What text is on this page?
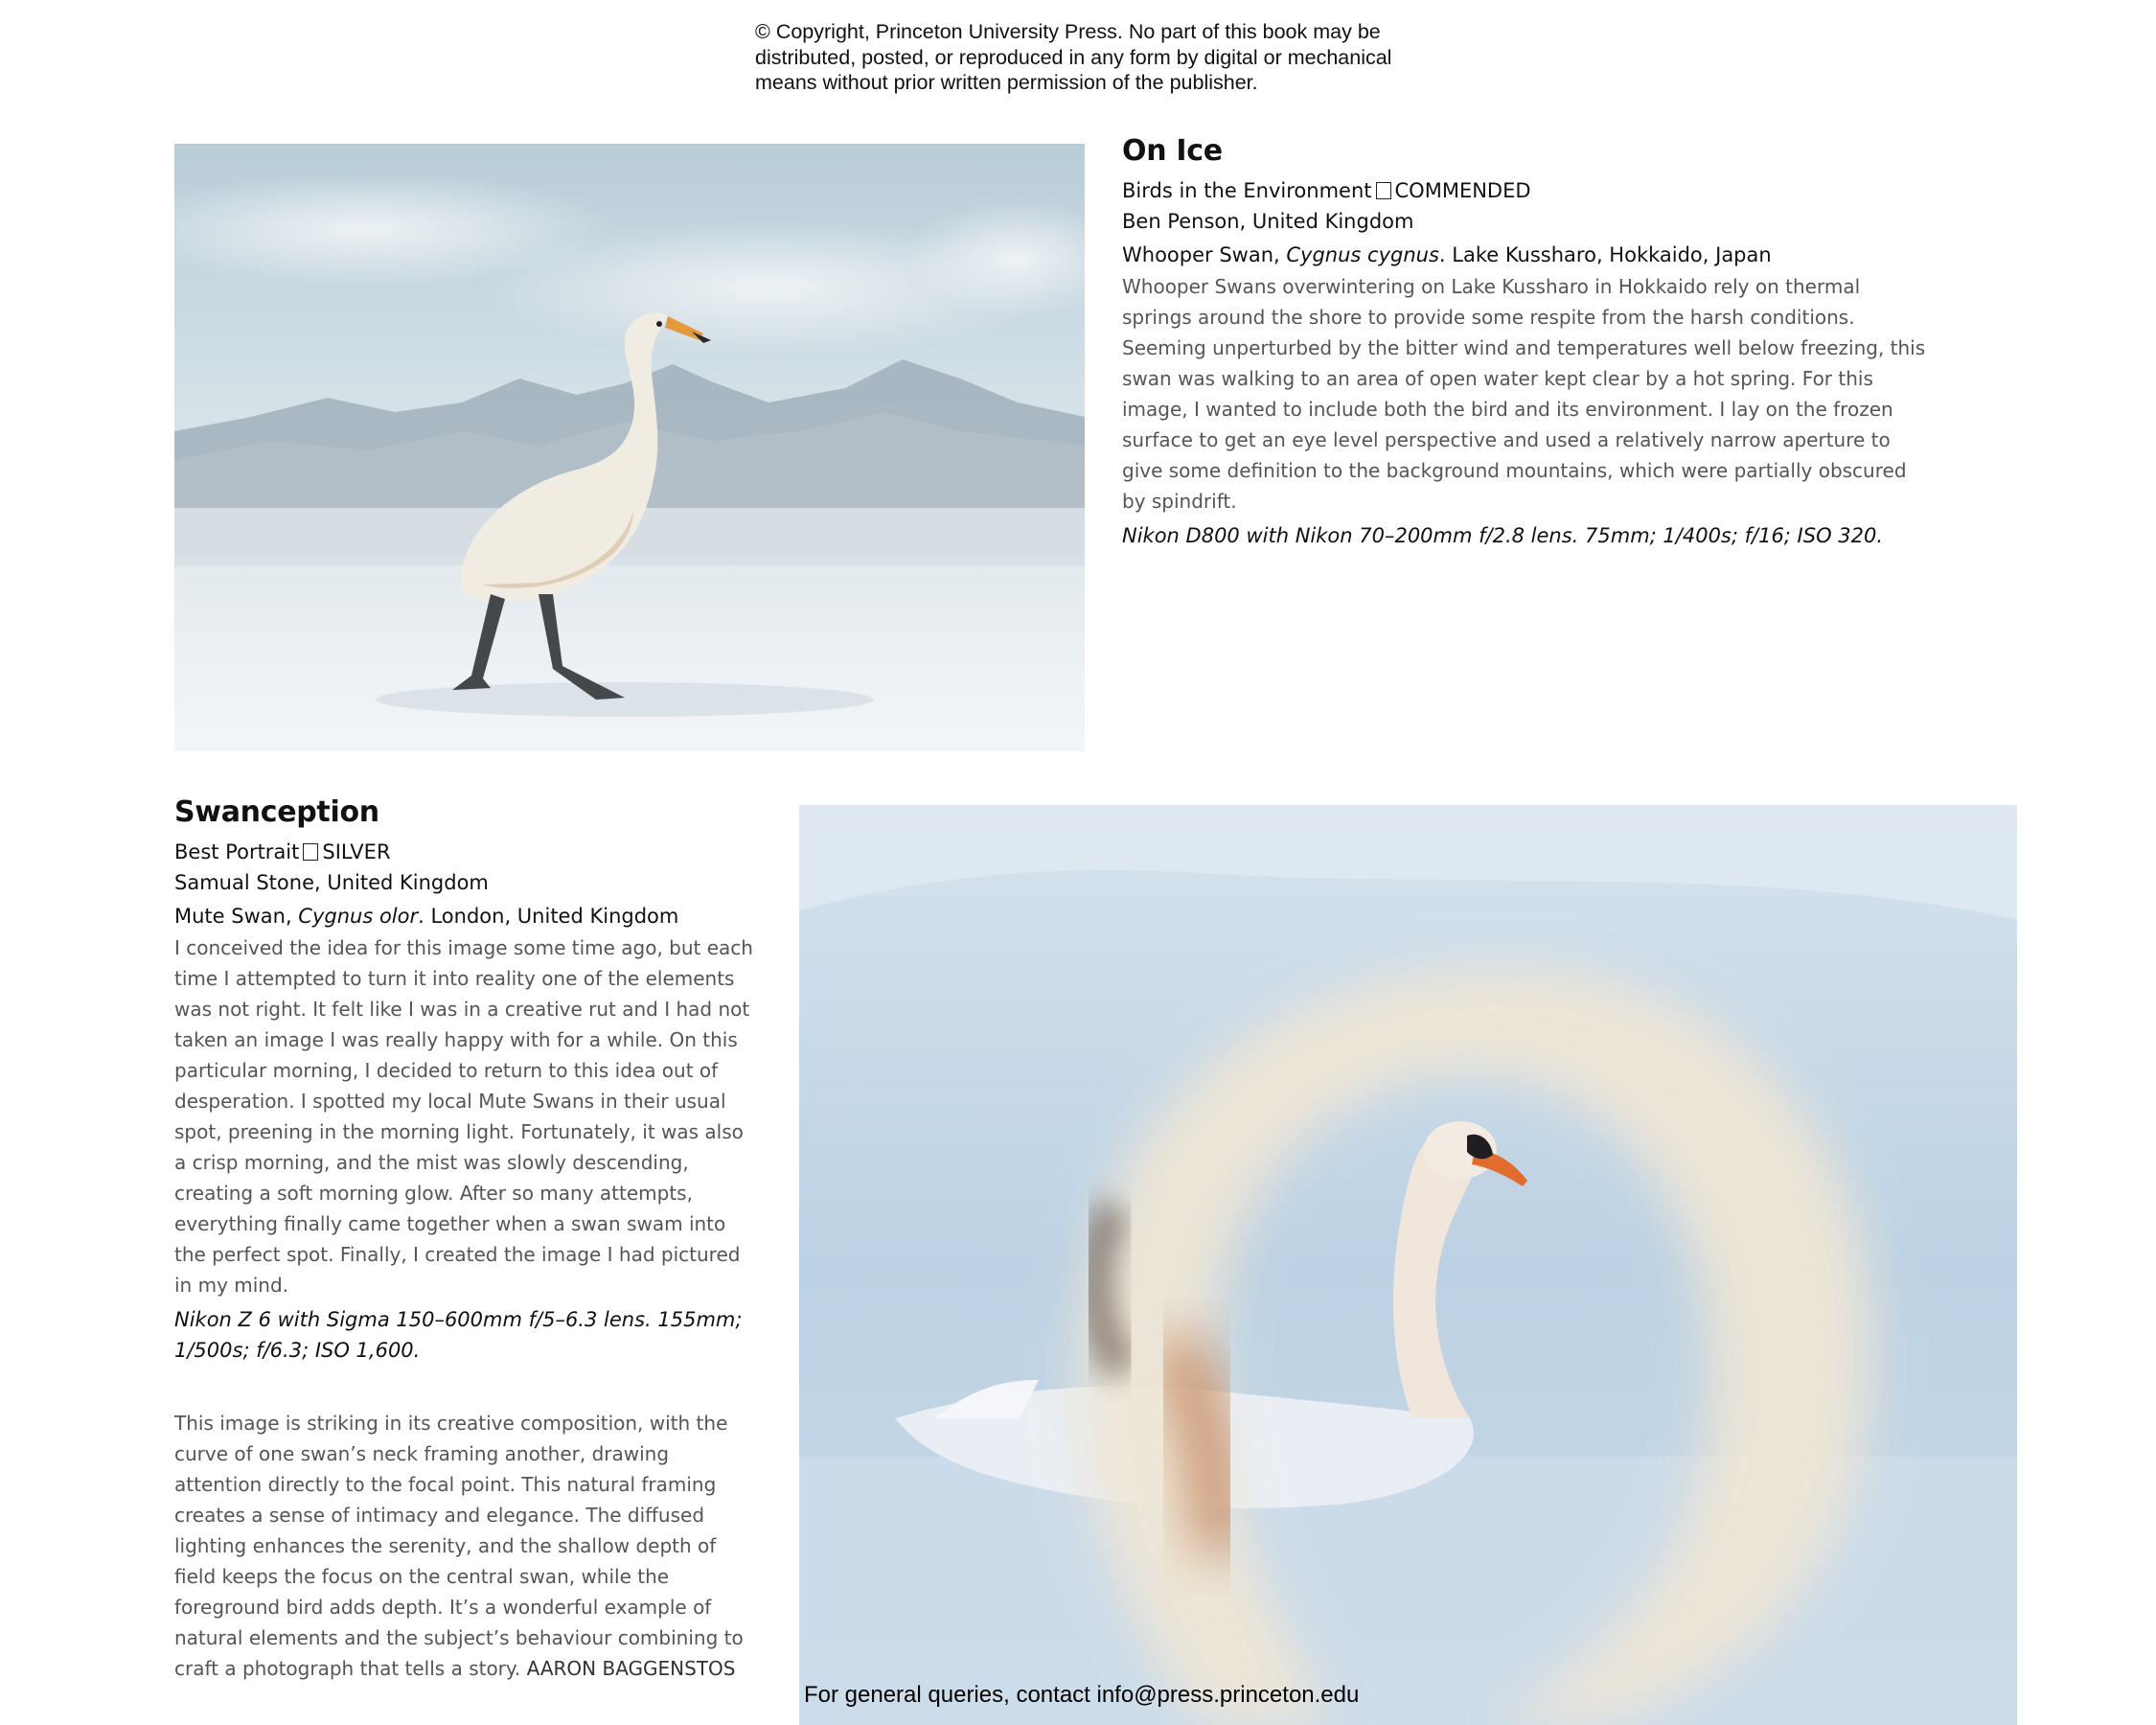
© Copyright, Princeton University Press. No part of this book may be
distributed, posted, or reproduced in any form by digital or mechanical
means without prior written permission of the publisher.
On Ice
Birds in the Environment COMMENDED
Ben Penson, United Kingdom
Whooper Swan, Cygnus cygnus. Lake Kussharo, Hokkaido, Japan
Whooper Swans overwintering on Lake Kussharo in Hokkaido rely on thermal springs around the shore to provide some respite from the harsh conditions. Seeming unperturbed by the bitter wind and temperatures well below freezing, this swan was walking to an area of open water kept clear by a hot spring. For this image, I wanted to include both the bird and its environment. I lay on the frozen surface to get an eye level perspective and used a relatively narrow aperture to give some definition to the background mountains, which were partially obscured by spindrift.
Nikon D800 with Nikon 70–200mm f/2.8 lens. 75mm; 1/400s; f/16; ISO 320.
Swanception
Best Portrait SILVER
Samual Stone, United Kingdom
Mute Swan, Cygnus olor. London, United Kingdom
I conceived the idea for this image some time ago, but each time I attempted to turn it into reality one of the elements was not right. It felt like I was in a creative rut and I had not taken an image I was really happy with for a while. On this particular morning, I decided to return to this idea out of desperation. I spotted my local Mute Swans in their usual spot, preening in the morning light. Fortunately, it was also a crisp morning, and the mist was slowly descending, creating a soft morning glow. After so many attempts, everything finally came together when a swan swam into the perfect spot. Finally, I created the image I had pictured in my mind.
Nikon Z 6 with Sigma 150–600mm f/5–6.3 lens. 155mm; 1/500s; f/6.3; ISO 1,600.
This image is striking in its creative composition, with the curve of one swan’s neck framing another, drawing attention directly to the focal point. This natural framing creates a sense of intimacy and elegance. The diffused lighting enhances the serenity, and the shallow depth of field keeps the focus on the central swan, while the foreground bird adds depth. It’s a wonderful example of natural elements and the subject’s behaviour combining to craft a photograph that tells a story. AARON BAGGENSTOS
For general queries, contact info@press.princeton.edu
